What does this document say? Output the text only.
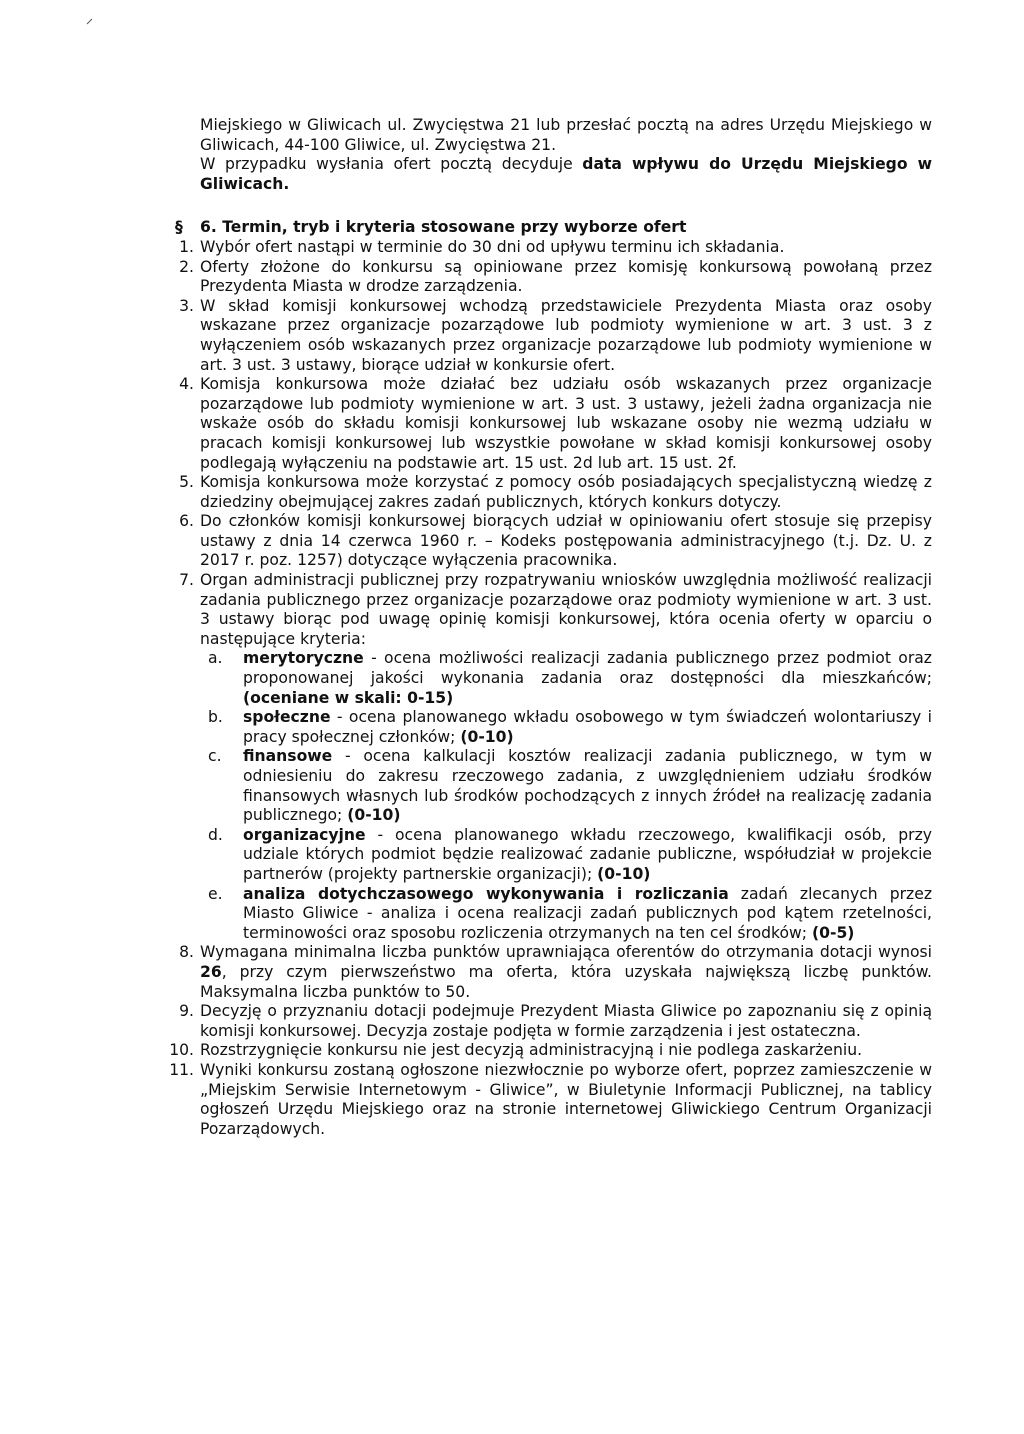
Miejskiego w Gliwicach ul. Zwycięstwa 21 lub przesłać pocztą na adres Urzędu Miejskiego w Gliwicach, 44-100 Gliwice, ul. Zwycięstwa 21.

W przypadku wysłania ofert pocztą decyduje data wpływu do Urzędu Miejskiego w Gliwicach.

§ 6. Termin, tryb i kryteria stosowane przy wyborze ofert
1. Wybór ofert nastąpi w terminie do 30 dni od upływu terminu ich składania.

2. Oferty złożone do konkursu są opiniowane przez komisję konkursową powołaną przez Prezydenta Miasta w drodze zarządzenia.

3. W skład komisji konkursowej wchodzą przedstawiciele Prezydenta Miasta oraz osoby wskazane przez organizacje pozarządowe lub podmioty wymienione w art. 3 ust. 3 z wyłączeniem osób wskazanych przez organizacje pozarządowe lub podmioty wymienione w art. 3 ust. 3 ustawy, biorące udział w konkursie ofert.

4. Komisja konkursowa może działać bez udziału osób wskazanych przez organizacje pozarządowe lub podmioty wymienione w art. 3 ust. 3 ustawy, jeżeli żadna organizacja nie wskaże osób do składu komisji konkursowej lub wskazane osoby nie wezmą udziału w pracach komisji konkursowej lub wszystkie powołane w skład komisji konkursowej osoby podlegają wyłączeniu na podstawie art. 15 ust. 2d lub art. 15 ust. 2f.

5. Komisja konkursowa może korzystać z pomocy osób posiadających specjalistyczną wiedzę z dziedziny obejmującej zakres zadań publicznych, których konkurs dotyczy.

6. Do członków komisji konkursowej biorących udział w opiniowaniu ofert stosuje się przepisy ustawy z dnia 14 czerwca 1960 r. – Kodeks postępowania administracyjnego (t.j. Dz. U. z 2017 r. poz. 1257) dotyczące wyłączenia pracownika.

7. Organ administracji publicznej przy rozpatrywaniu wniosków uwzględnia możliwość realizacji zadania publicznego przez organizacje pozarządowe oraz podmioty wymienione w art. 3 ust. 3 ustawy biorąc pod uwagę opinię komisji konkursowej, która ocenia oferty w oparciu o następujące kryteria:

a. merytoryczne - ocena możliwości realizacji zadania publicznego przez podmiot oraz proponowanej jakości wykonania zadania oraz dostępności dla mieszkańców; (oceniane w skali: 0-15)

b. społeczne - ocena planowanego wkładu osobowego w tym świadczeń wolontariuszy i pracy społecznej członków; (0-10)

c. finansowe - ocena kalkulacji kosztów realizacji zadania publicznego, w tym w odniesieniu do zakresu rzeczowego zadania, z uwzględnieniem udziału środków finansowych własnych lub środków pochodzących z innych źródeł na realizację zadania publicznego; (0-10)

d. organizacyjne - ocena planowanego wkładu rzeczowego, kwalifikacji osób, przy udziale których podmiot będzie realizować zadanie publiczne, współudział w projekcie partnerów (projekty partnerskie organizacji); (0-10)

e. analiza dotychczasowego wykonywania i rozliczania zadań zlecanych przez Miasto Gliwice - analiza i ocena realizacji zadań publicznych pod kątem rzetelności, terminowości oraz sposobu rozliczenia otrzymanych na ten cel środków; (0-5)

8. Wymagana minimalna liczba punktów uprawniająca oferentów do otrzymania dotacji wynosi 26, przy czym pierwszeństwo ma oferta, która uzyskała największą liczbę punktów. Maksymalna liczba punktów to 50.

9. Decyzję o przyznaniu dotacji podejmuje Prezydent Miasta Gliwice po zapoznaniu się z opinią komisji konkursowej. Decyzja zostaje podjęta w formie zarządzenia i jest ostateczna.

10. Rozstrzygnięcie konkursu nie jest decyzją administracyjną i nie podlega zaskarżeniu.

11. Wyniki konkursu zostaną ogłoszone niezwłocznie po wyborze ofert, poprzez zamieszczenie w „Miejskim Serwisie Internetowym - Gliwice”, w Biuletynie Informacji Publicznej, na tablicy ogłoszeń Urzędu Miejskiego oraz na stronie internetowej Gliwickiego Centrum Organizacji Pozarządowych.
